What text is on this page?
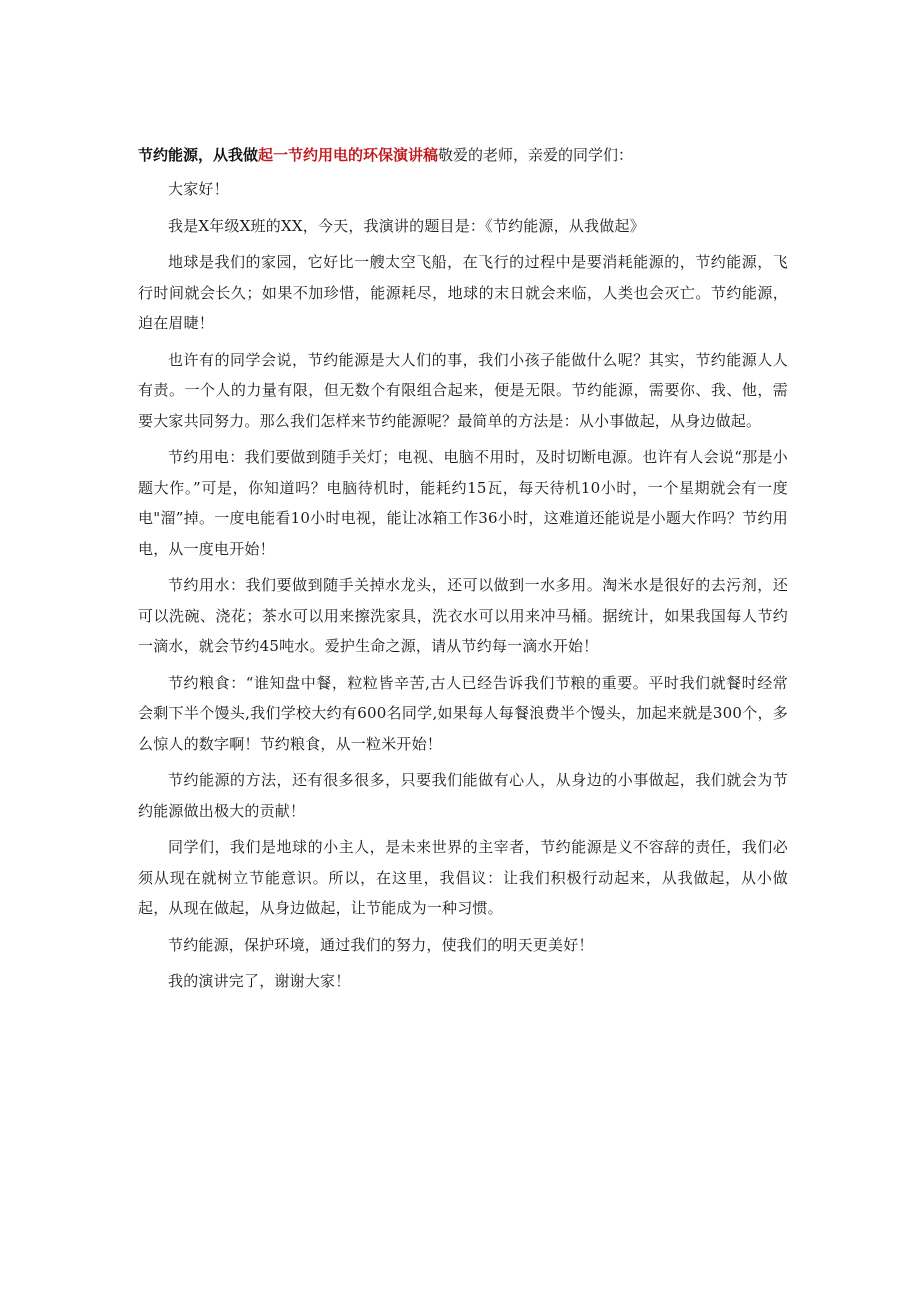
节约能源，从我做起一节约用电的环保演讲稿敬爱的老师，亲爱的同学们：

大家好！

我是X年级X班的XX，今天，我演讲的题目是：《节约能源，从我做起》

地球是我们的家园，它好比一艘太空飞船，在飞行的过程中是要消耗能源的，节约能源，飞行时间就会长久；如果不加珍惜，能源耗尽，地球的末日就会来临，人类也会灭亡。节约能源，迫在眉睫！

也许有的同学会说，节约能源是大人们的事，我们小孩子能做什么呢？其实，节约能源人人有责。一个人的力量有限，但无数个有限组合起来，便是无限。节约能源，需要你、我、他，需要大家共同努力。那么我们怎样来节约能源呢？最简单的方法是：从小事做起，从身边做起。

节约用电：我们要做到随手关灯；电视、电脑不用时，及时切断电源。也许有人会说“那是小题大作。”可是，你知道吗？电脑待机时，能耗约15瓦，每天待机10小时，一个星期就会有一度电"溜”掉。一度电能看10小时电视，能让冰箱工作36小时，这难道还能说是小题大作吗？节约用电，从一度电开始！

节约用水：我们要做到随手关掉水龙头，还可以做到一水多用。淘米水是很好的去污剂，还可以洗碗、浇花；茶水可以用来擦洗家具，洗衣水可以用来冲马桶。据统计，如果我国每人节约一滴水，就会节约45吨水。爱护生命之源，请从节约每一滴水开始！

节约粮食：“谁知盘中餐，粒粒皆辛苦,古人已经告诉我们节粮的重要。平时我们就餐时经常会剩下半个馒头,我们学校大约有600名同学,如果每人每餐浪费半个馒头，加起来就是300个，多么惊人的数字啊！节约粮食，从一粒米开始！

节约能源的方法，还有很多很多，只要我们能做有心人，从身边的小事做起，我们就会为节约能源做出极大的贡献！

同学们，我们是地球的小主人，是未来世界的主宰者，节约能源是义不容辞的责任，我们必须从现在就树立节能意识。所以，在这里，我倡议：让我们积极行动起来，从我做起，从小做起，从现在做起，从身边做起，让节能成为一种习惯。

节约能源，保护环境，通过我们的努力，使我们的明天更美好！

我的演讲完了，谢谢大家！
